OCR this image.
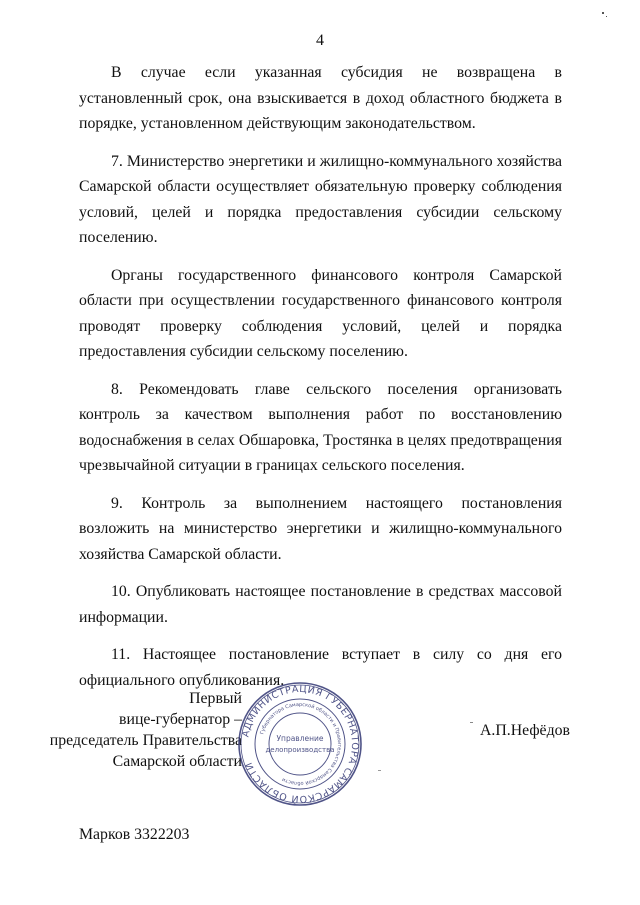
4

В случае если указанная субсидия не возвращена в установленный срок, она взыскивается в доход областного бюджета в порядке, установленном действующим законодательством.

7. Министерство энергетики и жилищно-коммунального хозяйства Самарской области осуществляет обязательную проверку соблюдения условий, целей и порядка предоставления субсидии сельскому поселению.

Органы государственного финансового контроля Самарской области при осуществлении государственного финансового контроля проводят проверку соблюдения условий, целей и порядка предоставления субсидии сельскому поселению.

8. Рекомендовать главе сельского поселения организовать контроль за качеством выполнения работ по восстановлению водоснабжения в селах Обшаровка, Тростянка в целях предотвращения чрезвычайной ситуации в границах сельского поселения.

9. Контроль за выполнением настоящего постановления возложить на министерство энергетики и жилищно-коммунального хозяйства Самарской области.

10. Опубликовать настоящее постановление в средствах массовой информации.

11. Настоящее постановление вступает в силу со дня его официального опубликования.

Первый
вице-губернатор –
председатель Правительства
Самарской области
АДМИНИСТРАЦИЯ ГУБЕРНАТОРА САМАРСКОЙ ОБЛАСТИ
Губернатора Самарской области и Правительства Самарской области
Управление
делопроизводства
А.П.Нефёдов
Марков 3322203
